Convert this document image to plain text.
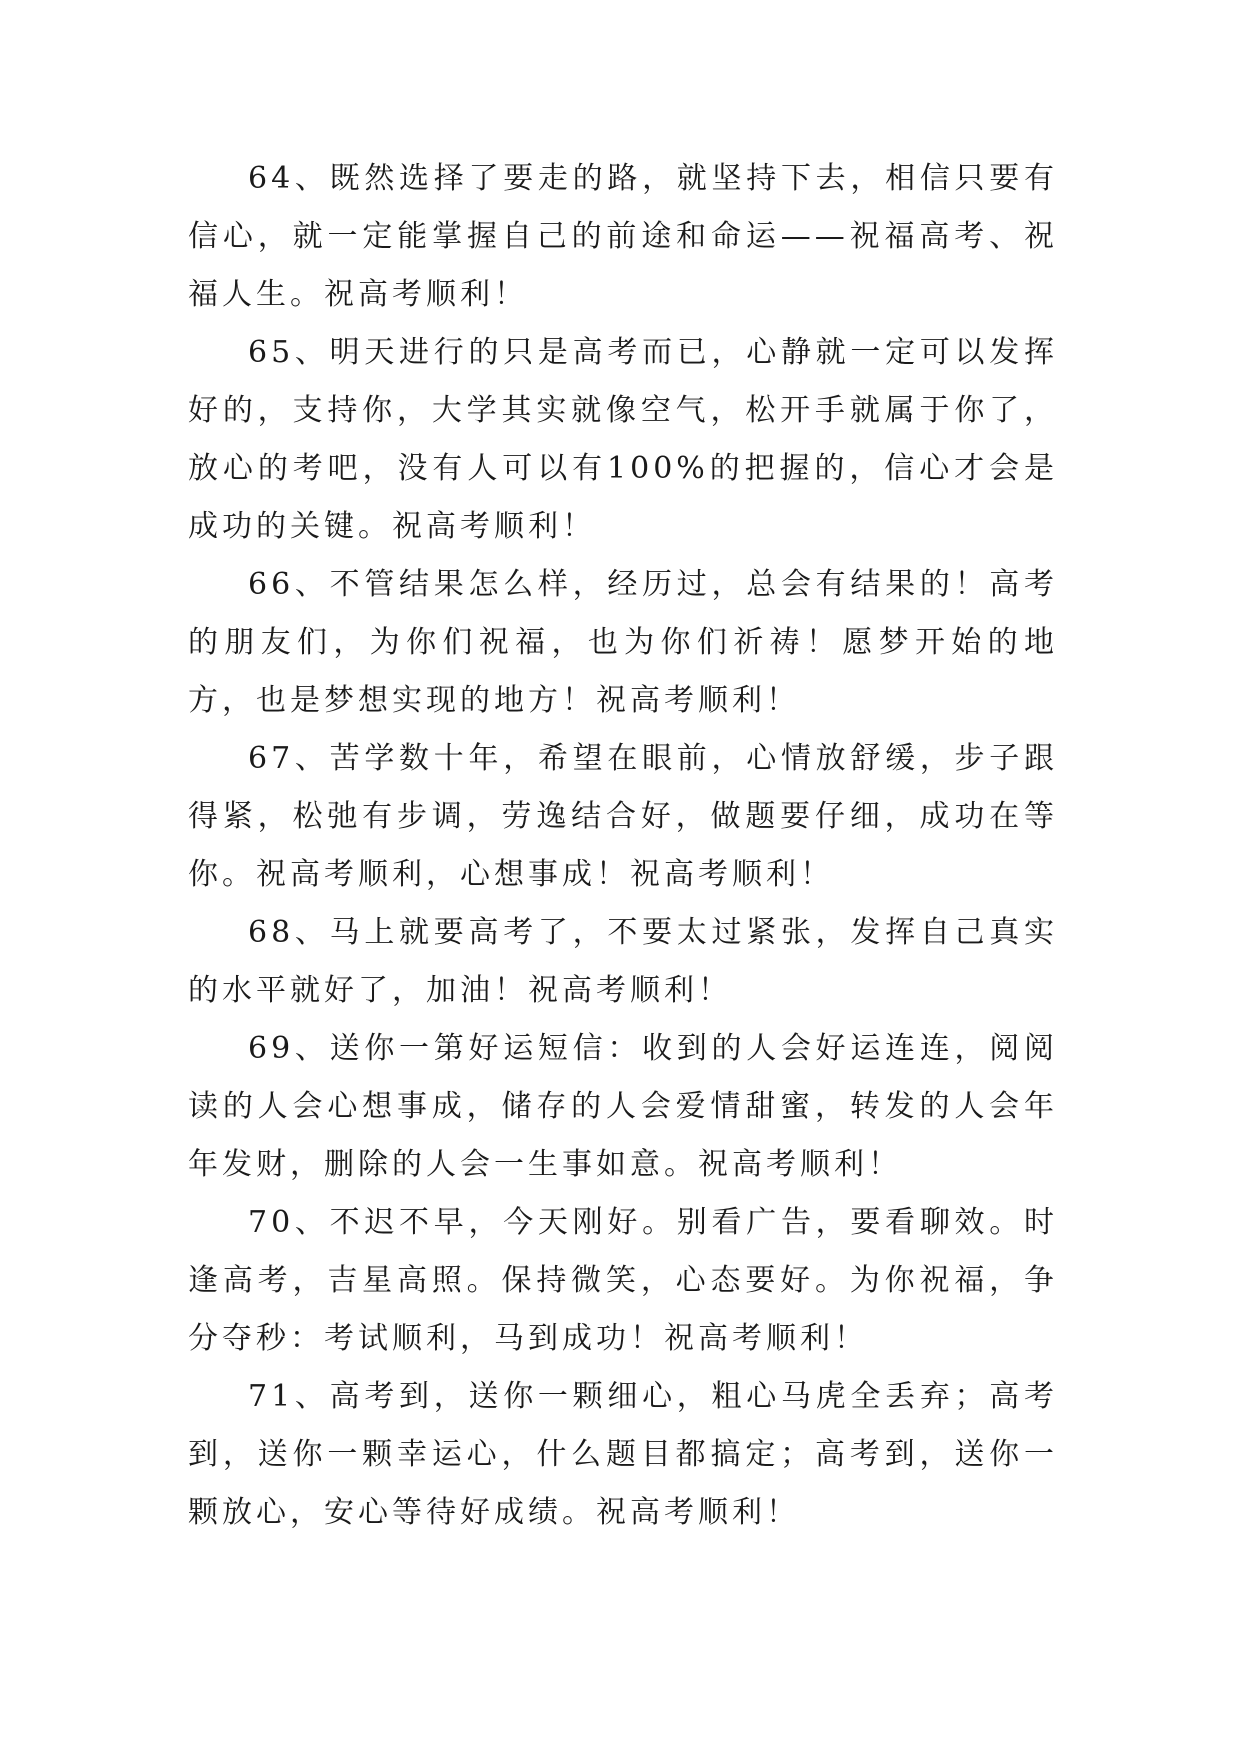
64、既然选择了要走的路，就坚持下去，相信只要有信心，就一定能掌握自己的前途和命运——祝福高考、祝福人生。祝高考顺利！

65、明天进行的只是高考而已，心静就一定可以发挥好的，支持你，大学其实就像空气，松开手就属于你了，放心的考吧，没有人可以有100%的把握的，信心才会是成功的关键。祝高考顺利！

66、不管结果怎么样，经历过，总会有结果的！高考的朋友们，为你们祝福，也为你们祈祷！愿梦开始的地方，也是梦想实现的地方！祝高考顺利！

67、苦学数十年，希望在眼前，心情放舒缓，步子跟得紧，松弛有步调，劳逸结合好，做题要仔细，成功在等你。祝高考顺利，心想事成！祝高考顺利！

68、马上就要高考了，不要太过紧张，发挥自己真实的水平就好了，加油！祝高考顺利！

69、送你一第好运短信：收到的人会好运连连，阅阅读的人会心想事成，储存的人会爱情甜蜜，转发的人会年年发财，删除的人会一生事如意。祝高考顺利！

70、不迟不早，今天刚好。别看广告，要看聊效。时逢高考，吉星高照。保持微笑，心态要好。为你祝福，争分夺秒：考试顺利，马到成功！祝高考顺利！

71、高考到，送你一颗细心，粗心马虎全丢弃；高考到，送你一颗幸运心，什么题目都搞定；高考到，送你一颗放心，安心等待好成绩。祝高考顺利！
